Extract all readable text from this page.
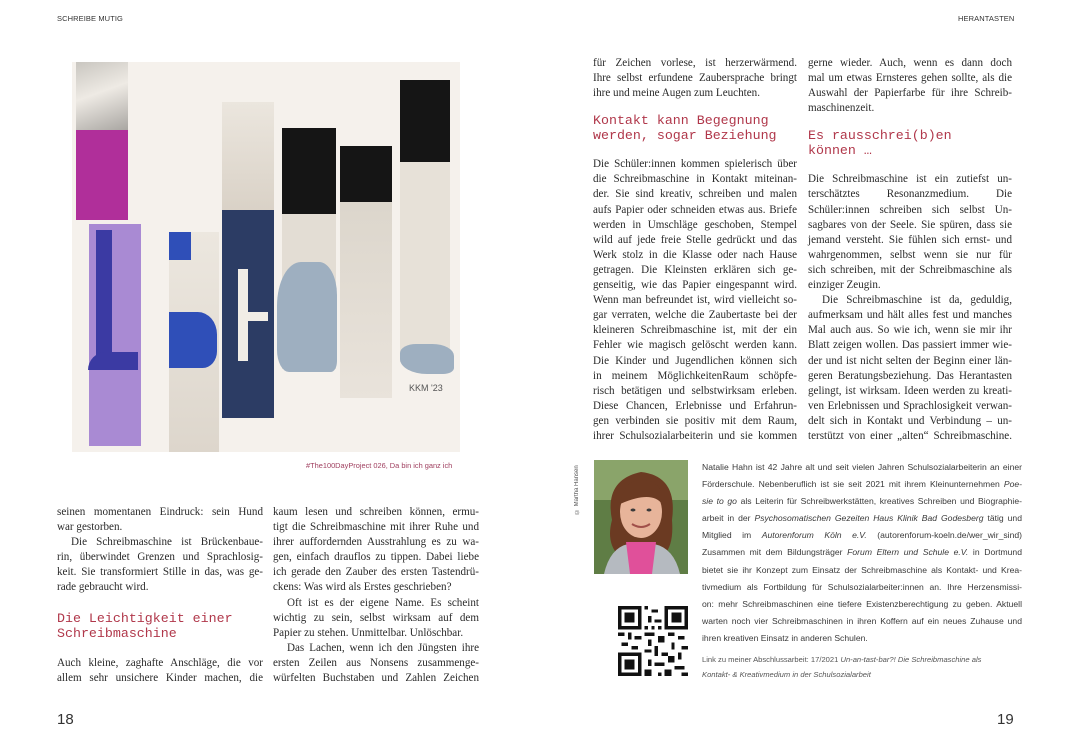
SCHREIBE MUTIG	HERANTASTEN
KKM '23
#The100DayProject 026, Da bin ich ganz ich
seinen momentanen Eindruck: sein Hund
war gestorben.
Die Schreibmaschine ist Brückenbaue-
rin, überwindet Grenzen und Sprachlosig-
keit. Sie transformiert Stille in das, was ge-
rade gebraucht wird.
Die Leichtigkeit einer
Schreibmaschine
Auch kleine, zaghafte Anschläge, die vor
allem sehr unsichere Kinder machen, die
kaum lesen und schreiben können, ermu-
tigt die Schreibmaschine mit ihrer Ruhe und
ihrer auffordernden Ausstrahlung es zu wa-
gen, einfach drauflos zu tippen. Dabei liebe
ich gerade den Zauber des ersten Tastendrü-
ckens: Was wird als Erstes geschrieben?
Oft ist es der eigene Name. Es scheint
wichtig zu sein, selbst wirksam auf dem
Papier zu stehen. Unmittelbar. Unlöschbar.
Das Lachen, wenn ich den Jüngsten ihre
ersten Zeilen aus Nonsens zusammenge-
würfelten Buchstaben und Zahlen Zeichen
für Zeichen vorlese, ist herzerwärmend.
Ihre selbst erfundene Zaubersprache bringt
ihre und meine Augen zum Leuchten.
Kontakt kann Begegnung
werden, sogar Beziehung
Die Schüler:innen kommen spielerisch über
die Schreibmaschine in Kontakt miteinan-
der. Sie sind kreativ, schreiben und malen
aufs Papier oder schneiden etwas aus. Briefe
werden in Umschläge geschoben, Stempel
wild auf jede freie Stelle gedrückt und das
Werk stolz in die Klasse oder nach Hause
getragen. Die Kleinsten erklären sich ge-
genseitig, wie das Papier eingespannt wird.
Wenn man befreundet ist, wird vielleicht so-
gar verraten, welche die Zaubertaste bei der
kleineren Schreibmaschine ist, mit der ein
Fehler wie magisch gelöscht werden kann.
Die Kinder und Jugendlichen können sich
in meinem MöglichkeitenRaum schöpfe-
risch betätigen und selbstwirksam erleben.
Diese Chancen, Erlebnisse und Erfahrun-
gen verbinden sie positiv mit dem Raum,
ihrer Schulsozialarbeiterin und sie kommen
gerne wieder. Auch, wenn es dann doch
mal um etwas Ernsteres gehen sollte, als die
Auswahl der Papierfarbe für ihre Schreib-
maschinenzeit.
Es rausschrei(b)en
können …
Die Schreibmaschine ist ein zutiefst un-
terschätztes Resonanzmedium. Die
Schüler:innen schreiben sich selbst Un-
sagbares von der Seele. Sie spüren, dass sie
jemand versteht. Sie fühlen sich ernst- und
wahrgenommen, selbst wenn sie nur für
sich schreiben, mit der Schreibmaschine als
einziger Zeugin.
Die Schreibmaschine ist da, geduldig,
aufmerksam und hält alles fest und manches
Mal auch aus. So wie ich, wenn sie mir ihr
Blatt zeigen wollen. Das passiert immer wie-
der und ist nicht selten der Beginn einer län-
geren Beratungsbeziehung. Das Herantasten
gelingt, ist wirksam. Ideen werden zu kreati-
ven Erlebnissen und Sprachlosigkeit verwan-
delt sich in Kontakt und Verbindung – un-
terstützt von einer „alten“ Schreibmaschine.
© Martha Hansen	Natalie Hahn ist 42 Jahre alt und seit vielen Jahren Schulsozialarbeiterin an einer
Förderschule. Nebenberuflich ist sie seit 2021 mit ihrem Kleinunternehmen Poe-
sie to go als Leiterin für Schreibwerkstätten, kreatives Schreiben und Biographie-
arbeit in der Psychosomatischen Gezeiten Haus Klinik Bad Godesberg tätig und
Mitglied im Autorenforum Köln e.V. (autorenforum-koeln.de/wer_wir_sind)
Zusammen mit dem Bildungsträger Forum Eltern und Schule e.V. in Dortmund
bietet sie ihr Konzept zum Einsatz der Schreibmaschine als Kontakt- und Krea-
tivmedium als Fortbildung für Schulsozialarbeiter:innen an. Ihre Herzensmissi-
on: mehr Schreibmaschinen eine tiefere Existenzberechtigung zu geben. Aktuell
warten noch vier Schreibmaschinen in ihren Koffern auf ein neues Zuhause und
ihren kreativen Einsatz in anderen Schulen.
Link zu meiner Abschlussarbeit: 17/2021 Un-an-tast-bar?! Die Schreibmaschine als
Kontakt- & Kreativmedium in der Schulsozialarbeit
18	19
